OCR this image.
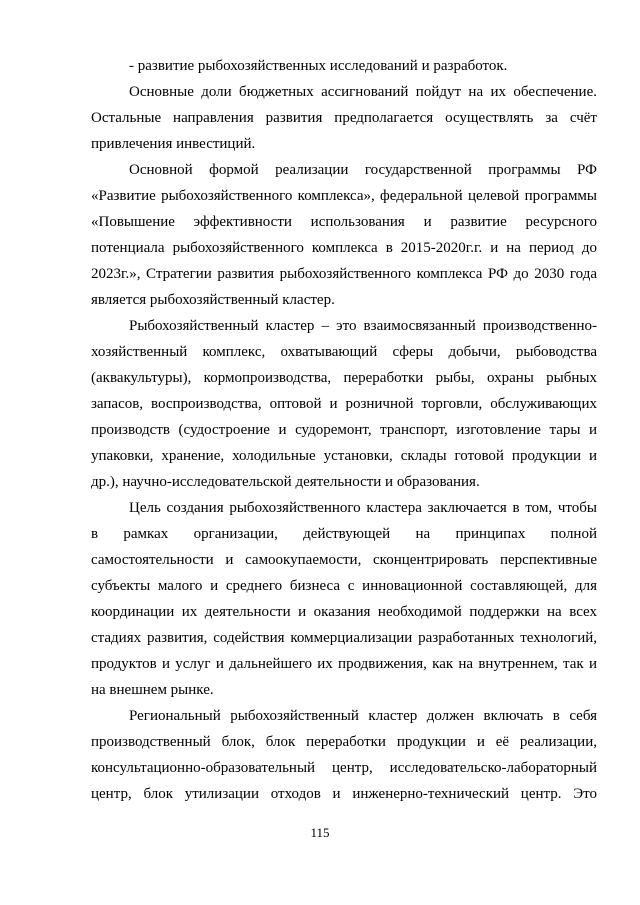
- развитие рыбохозяйственных исследований и разработок.
Основные доли бюджетных ассигнований пойдут на их обеспечение.
Остальные направления развития предполагается осуществлять за счёт
привлечения инвестиций.
Основной формой реализации государственной программы РФ
«Развитие рыбохозяйственного комплекса», федеральной целевой программы
«Повышение эффективности использования и развитие ресурсного
потенциала рыбохозяйственного комплекса в 2015-2020г.г. и на период до
2023г.», Стратегии развития рыбохозяйственного комплекса РФ до 2030 года
является рыбохозяйственный кластер.
Рыбохозяйственный кластер – это взаимосвязанный производственно-
хозяйственный комплекс, охватывающий сферы добычи, рыбоводства
(аквакультуры), кормопроизводства, переработки рыбы, охраны рыбных
запасов, воспроизводства, оптовой и розничной торговли, обслуживающих
производств (судостроение и судоремонт, транспорт, изготовление тары и
упаковки, хранение, холодильные установки, склады готовой продукции и
др.), научно-исследовательской деятельности и образования.
Цель создания рыбохозяйственного кластера заключается в том, чтобы
в рамках организации, действующей на принципах полной
самостоятельности и самоокупаемости, сконцентрировать перспективные
субъекты малого и среднего бизнеса с инновационной составляющей, для
координации их деятельности и оказания необходимой поддержки на всех
стадиях развития, содействия коммерциализации разработанных технологий,
продуктов и услуг и дальнейшего их продвижения, как на внутреннем, так и
на внешнем рынке.
Региональный рыбохозяйственный кластер должен включать в себя
производственный блок, блок переработки продукции и её реализации,
консультационно-образовательный центр, исследовательско-лабораторный
центр, блок утилизации отходов и инженерно-технический центр. Это
115
